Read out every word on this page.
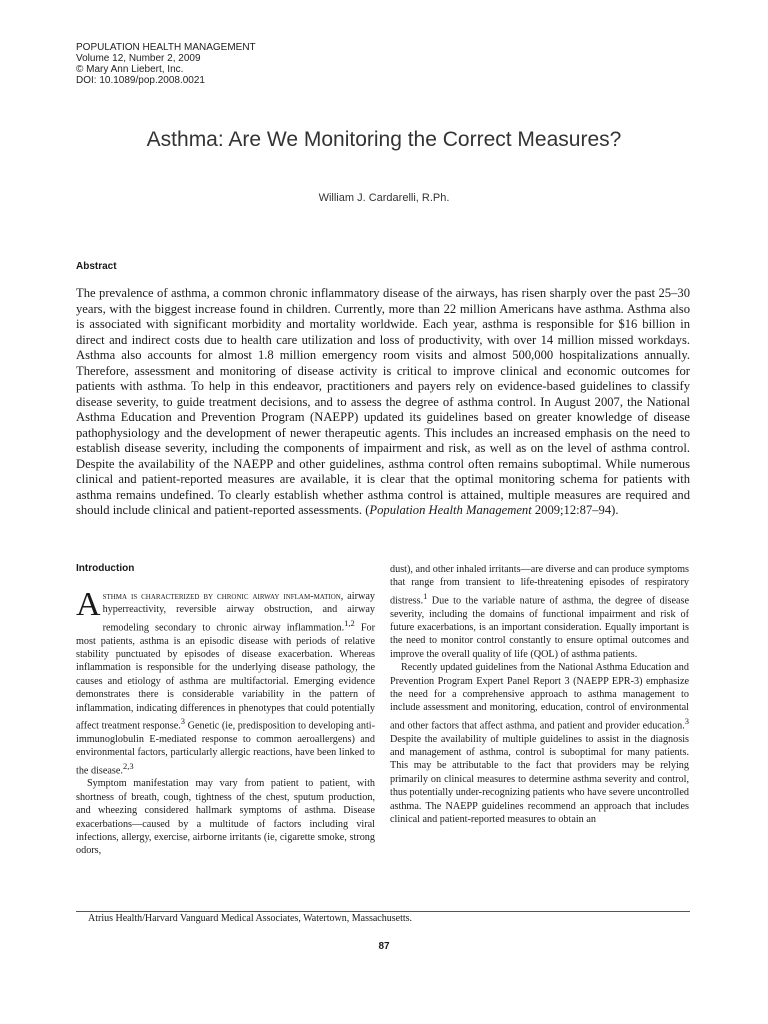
POPULATION HEALTH MANAGEMENT
Volume 12, Number 2, 2009
© Mary Ann Liebert, Inc.
DOI: 10.1089/pop.2008.0021
Asthma: Are We Monitoring the Correct Measures?
William J. Cardarelli, R.Ph.
Abstract
The prevalence of asthma, a common chronic inflammatory disease of the airways, has risen sharply over the past 25–30 years, with the biggest increase found in children. Currently, more than 22 million Americans have asthma. Asthma also is associated with significant morbidity and mortality worldwide. Each year, asthma is responsible for $16 billion in direct and indirect costs due to health care utilization and loss of productivity, with over 14 million missed workdays. Asthma also accounts for almost 1.8 million emergency room visits and almost 500,000 hospitalizations annually. Therefore, assessment and monitoring of disease activity is critical to improve clinical and economic outcomes for patients with asthma. To help in this endeavor, practitioners and payers rely on evidence-based guidelines to classify disease severity, to guide treatment decisions, and to assess the degree of asthma control. In August 2007, the National Asthma Education and Prevention Program (NAEPP) updated its guidelines based on greater knowledge of disease pathophysiology and the development of newer therapeutic agents. This includes an increased emphasis on the need to establish disease severity, including the components of impairment and risk, as well as on the level of asthma control. Despite the availability of the NAEPP and other guidelines, asthma control often remains suboptimal. While numerous clinical and patient-reported measures are available, it is clear that the optimal monitoring schema for patients with asthma remains undefined. To clearly establish whether asthma control is attained, multiple measures are required and should include clinical and patient-reported assessments. (Population Health Management 2009;12:87–94).
Introduction

Asthma is characterized by chronic airway inflam-mation, airway hyperreactivity, reversible airway obstruction, and airway remodeling secondary to chronic airway inflammation.$^{1,2}$ For most patients, asthma is an episodic disease with periods of relative stability punctuated by episodes of disease exacerbation. Whereas inflammation is responsible for the underlying disease pathology, the causes and etiology of asthma are multifactorial. Emerging evidence demonstrates there is considerable variability in the pattern of inflammation, indicating differences in phenotypes that could potentially affect treatment response.$^3$ Genetic (ie, predisposition to developing anti-immunoglobulin E-mediated response to common aeroallergens) and environmental factors, particularly allergic reactions, have been linked to the disease.$^{2,3}$

Symptom manifestation may vary from patient to patient, with shortness of breath, cough, tightness of the chest, sputum production, and wheezing considered hallmark symptoms of asthma. Disease exacerbations—caused by a multitude of factors including viral infections, allergy, exercise, airborne irritants (ie, cigarette smoke, strong odors,

dust), and other inhaled irritants—are diverse and can produce symptoms that range from transient to life-threatening episodes of respiratory distress.$^1$ Due to the variable nature of asthma, the degree of disease severity, including the domains of functional impairment and risk of future exacerbations, is an important consideration. Equally important is the need to monitor control constantly to ensure optimal outcomes and improve the overall quality of life (QOL) of asthma patients.

Recently updated guidelines from the National Asthma Education and Prevention Program Expert Panel Report 3 (NAEPP EPR-3) emphasize the need for a comprehensive approach to asthma management to include assessment and monitoring, education, control of environmental and other factors that affect asthma, and patient and provider education.$^3$ Despite the availability of multiple guidelines to assist in the diagnosis and management of asthma, control is suboptimal for many patients. This may be attributable to the fact that providers may be relying primarily on clinical measures to determine asthma severity and control, thus potentially under-recognizing patients who have severe uncontrolled asthma. The NAEPP guidelines recommend an approach that includes clinical and patient-reported measures to obtain an

Atrius Health/Harvard Vanguard Medical Associates, Watertown, Massachusetts.
87
